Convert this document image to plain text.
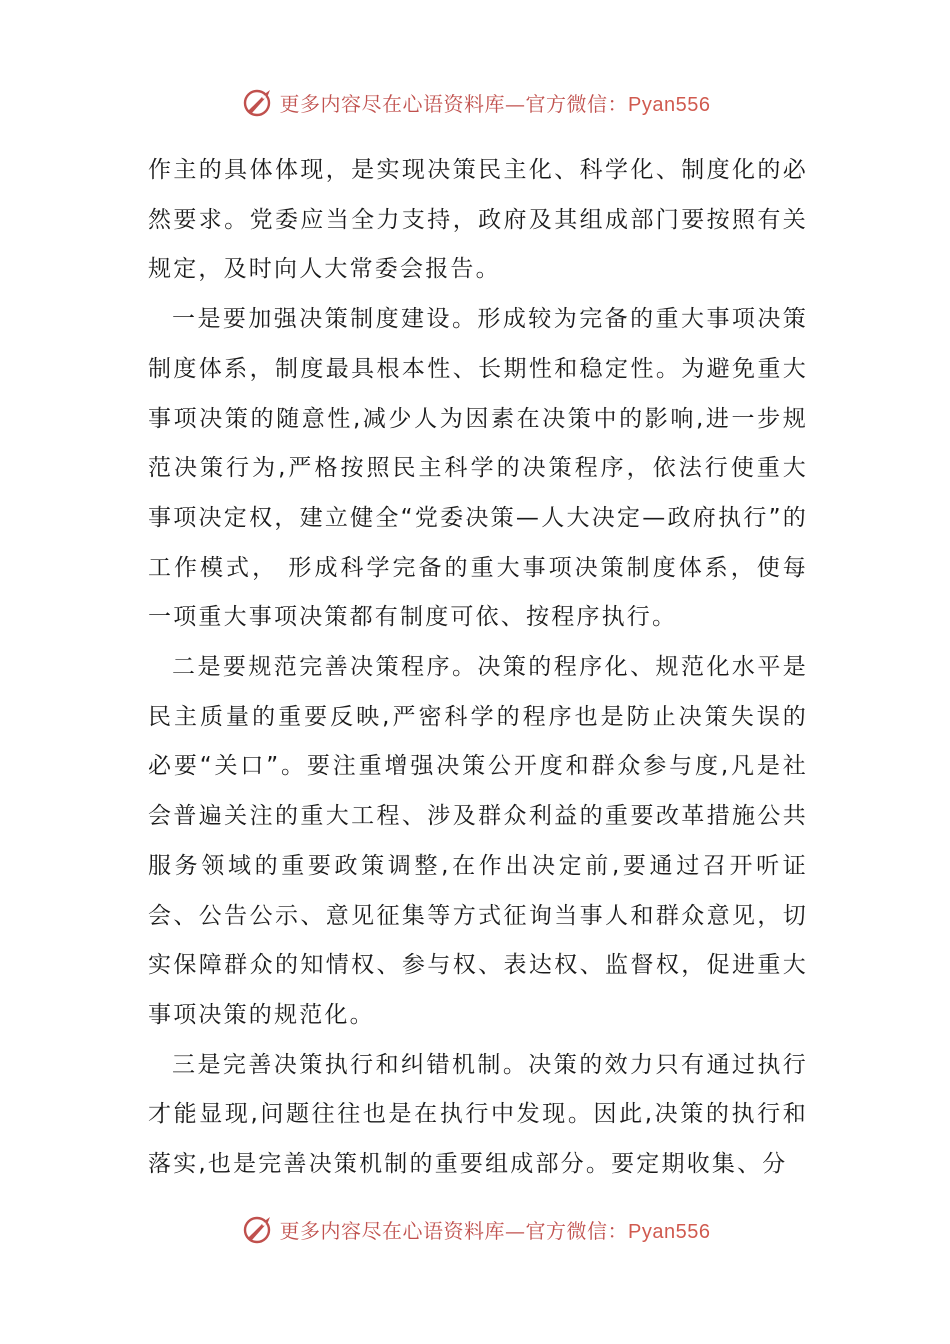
更多内容尽在心语资料库—官方微信：Pyan556

作主的具体体现，是实现决策民主化、科学化、制度化的必然要求。党委应当全力支持，政府及其组成部门要按照有关规定，及时向人大常委会报告。

一是要加强决策制度建设。形成较为完备的重大事项决策制度体系，制度最具根本性、长期性和稳定性。为避免重大事项决策的随意性,减少人为因素在决策中的影响,进一步规范决策行为,严格按照民主科学的决策程序，依法行使重大事项决定权，建立健全“党委决策—人大决定—政府执行”的工作模式， 形成科学完备的重大事项决策制度体系，使每一项重大事项决策都有制度可依、按程序执行。

二是要规范完善决策程序。决策的程序化、规范化水平是民主质量的重要反映,严密科学的程序也是防止决策失误的必要“关口”。要注重增强决策公开度和群众参与度,凡是社会普遍关注的重大工程、涉及群众利益的重要改革措施公共服务领域的重要政策调整,在作出决定前,要通过召开听证会、公告公示、意见征集等方式征询当事人和群众意见，切实保障群众的知情权、参与权、表达权、监督权，促进重大事项决策的规范化。

三是完善决策执行和纠错机制。决策的效力只有通过执行才能显现,问题往往也是在执行中发现。因此,决策的执行和落实,也是完善决策机制的重要组成部分。要定期收集、分

更多内容尽在心语资料库—官方微信：Pyan556
